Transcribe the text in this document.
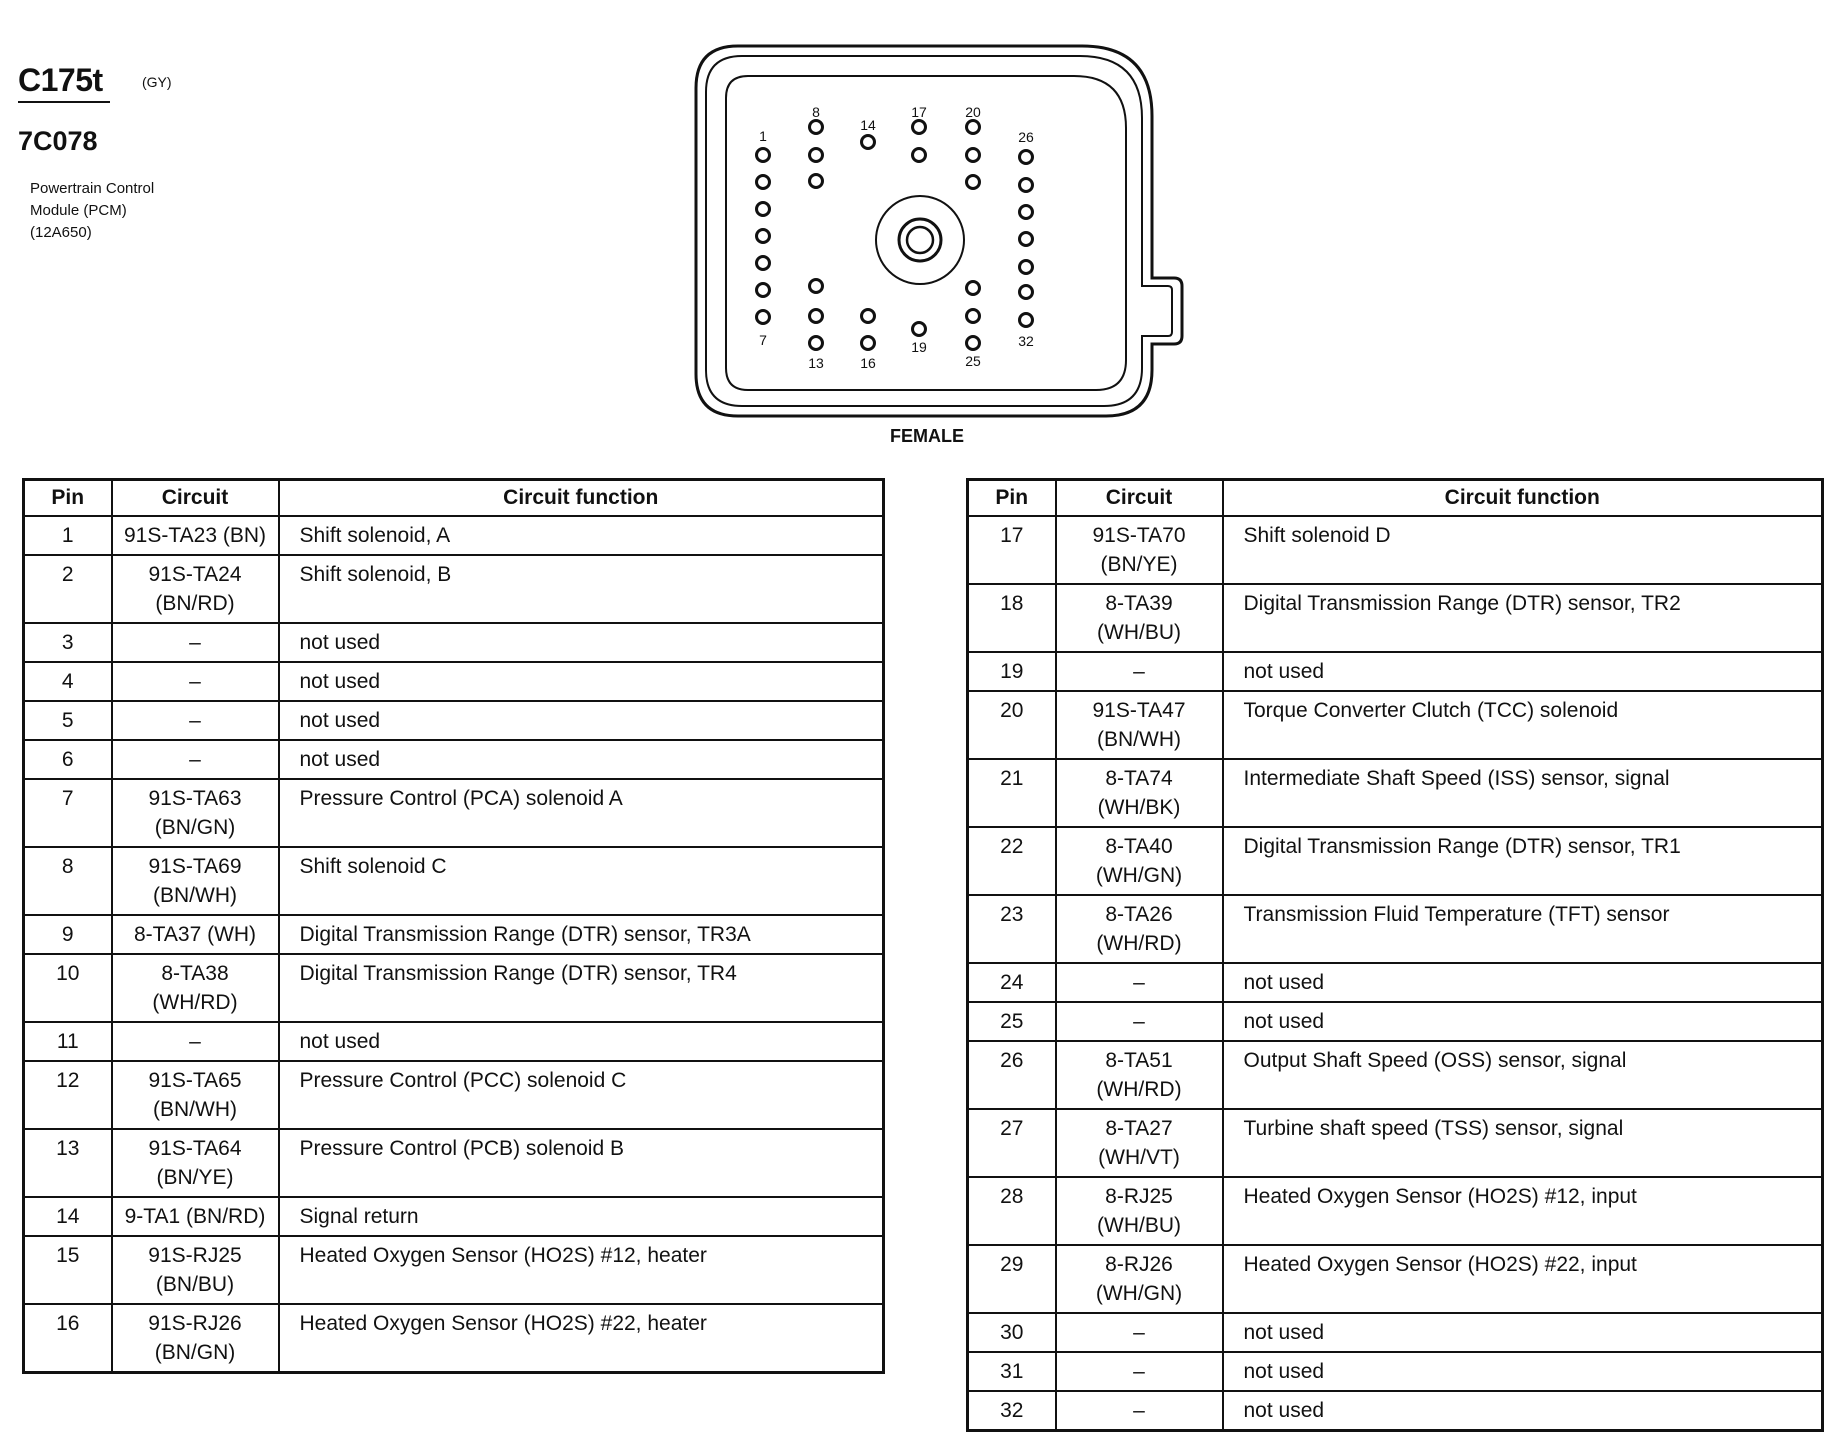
C175t	(GY)
7C078
Powertrain Control
Module (PCM)
(12A650)
1
7
8
13
14
16
17
19
20
25
26
32
FEMALE
Pin	Circuit	Circuit function
1	91S-TA23 (BN)	Shift solenoid, A
2	91S-TA24
(BN/RD)	Shift solenoid, B
3	–	not used
4	–	not used
5	–	not used
6	–	not used
7	91S-TA63
(BN/GN)	Pressure Control (PCA) solenoid A
8	91S-TA69
(BN/WH)	Shift solenoid C
9	8-TA37 (WH)	Digital Transmission Range (DTR) sensor, TR3A
10	8-TA38
(WH/RD)	Digital Transmission Range (DTR) sensor, TR4
11	–	not used
12	91S-TA65
(BN/WH)	Pressure Control (PCC) solenoid C
13	91S-TA64
(BN/YE)	Pressure Control (PCB) solenoid B
14	9-TA1 (BN/RD)	Signal return
15	91S-RJ25
(BN/BU)	Heated Oxygen Sensor (HO2S) #12, heater
16	91S-RJ26
(BN/GN)	Heated Oxygen Sensor (HO2S) #22, heater
Pin	Circuit	Circuit function
17	91S-TA70
(BN/YE)	Shift solenoid D
18	8-TA39
(WH/BU)	Digital Transmission Range (DTR) sensor, TR2
19	–	not used
20	91S-TA47
(BN/WH)	Torque Converter Clutch (TCC) solenoid
21	8-TA74
(WH/BK)	Intermediate Shaft Speed (ISS) sensor, signal
22	8-TA40
(WH/GN)	Digital Transmission Range (DTR) sensor, TR1
23	8-TA26
(WH/RD)	Transmission Fluid Temperature (TFT) sensor
24	–	not used
25	–	not used
26	8-TA51
(WH/RD)	Output Shaft Speed (OSS) sensor, signal
27	8-TA27
(WH/VT)	Turbine shaft speed (TSS) sensor, signal
28	8-RJ25
(WH/BU)	Heated Oxygen Sensor (HO2S) #12, input
29	8-RJ26
(WH/GN)	Heated Oxygen Sensor (HO2S) #22, input
30	–	not used
31	–	not used
32	–	not used
